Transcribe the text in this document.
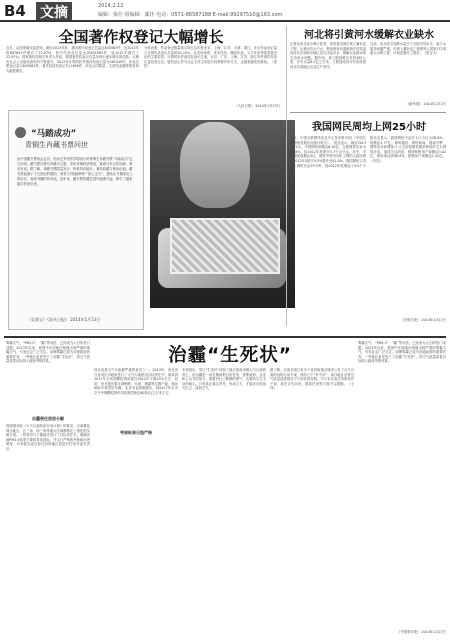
B4 文摘	2014.2.12
编辑：梁仕 组编辑：邮佳 电话：0571-86587188 E-mail:99297510@163.com
全国著作权登记大幅增长
近日，从国家版权局获知，截至2013年底，我国著作权登记总量达845583件，比2012年的687651件增长了22.97%，其中作品登记量达到845583件，较2012年增长了22.97%。国家版权局相关负责人介绍，我国著作权登记总量呈现出逐年增长的趋势，反映出社会公众版权意识的不断提升。2013年计算机软件著作权登记量为164349件，作品自愿登记量为845583件，著作权质权登记共计486件，涉及合同数量、主债务金额等都有较大幅度增长。
分析表明，作品登记数量排名前五位的是北京、上海、江苏、天津、浙江，北京作品登记量占全国作品登记总量的45.22%。从类别来看，美术作品、摄影作品、文字作品等依然是登记的主要类型。计算机软件著作权登记方面，北京、广东、上海、江苏、浙江软件著作权登记量居前五位。版权登记作为社会主体主动进行权利保护的方式，正越来越受到重视。（张贺）
《人民日报》 2014年1月23日
“马踏成功”
青铜生肖藏书票问世
由中国藏书票协会会员、民间艺术家张学明设计的青铜生肖藏书票“马踏成功”近日问世。藏书票以骏马奔腾为主题，采用青铜材质铸造，寓意马年吉祥如意、事业有成。据了解，该藏书票限量发行，每枚均有编号，兼具收藏与使用价值。藏书票起源于十五世纪的德国，被誉为“版画珍珠”“纸上宝石”，是贴在书籍扉页上的标识，表明书籍的所有权。近年来，藏书票收藏在国内逐渐兴起，吸引了越来越多的爱好者。
（吴嘉宝）《汕头日报》 2014年1月13日
河北将引黄河水缓解衣业缺水
记者从河北省水利厅获悉，该省将实施引黄入冀补淀工程，从黄河位山引水，利用现有河道和新开挖渠道向河北东部缺水地区及白洋淀补水，缓解衣业缺水和生态用水问题。据介绍，该工程线路总长约482公里，年引水量6.2亿立方米，工程建成后可有效改善河北东部地区农业生产条件。
目前，河北省平均降水量少于全国平均水平，地下水超采问题严重。引黄入冀补淀工程被列入国家172项重大水利工程，计划近期开工建设。（张宝丰）
《新华网》 2014年1月2日
我国网民周均上网25小时
近日，中国互联网络信息中心发布第33次《中国互联网络发展状况统计报告》。报告显示，截至2013年12月，中国网民规模达6.18亿，互联网普及率为45.8%，较2012年底提升3.7个百分点。其中，手机网民规模达5亿，网民中使用手机上网的人群比例由2012年底的74.5%提升至81.0%。我国网民人均周上网时长达25小时，较2012年底增加了4.5个小时。
报告还显示，我国网民中农村人口占比为28.6%，规模达1.77亿。即时通信、网络新闻、搜索引擎、网络音乐和博客/个人空间是网民最常使用的五大网络应用。值得关注的是，网络购物用户规模达3.02亿，使用率达到48.9%，团购用户规模达1.41亿。（刘宝）
《光明日报》 2014年1月17日
治霾“生死状”
雾霾天气，“PM2.5”、“霾”等词语，已经成为人们的热门话题。2013年以来，我国中东部地区相继出现严重的雾霾天气，引发社会广泛关注。治理雾霾已成为各级政府的重要任务，一些地区更是签下了治霾“生死状”，将空气质量改善目标纳入政府考核体系。
治霾责任层层分解
按照国务院《大气污染防治行动计划》的要求，京津冀及周边地区、长三角、珠三角等重点区域都制定了细化的实施方案。一些省份与下辖地市签订了目标责任书，明确各地PM2.5浓度下降的具体指标，并实行严格的考核和问责制度，对未能完成目标任务的地区将进行约谈并追究责任。
河北省是大气污染最严重的省份之一。2013年，河北省与各设区市政府签订了大气污染防治目标责任书，要求到2017年全省细颗粒物浓度比2012年下降25%左右。同时，河北提出要压减钢铁、水泥、燃煤等过剩产能，淘汰黄标车和老旧车辆。北京市也明确提出，到2017年全市空气中细颗粒物年均浓度控制在60微克/立方米左右。
考核标准日趋严格
专家指出，签订“生死状”体现了地方政府治理大气污染的决心，但治霾是一项长期而艰巨的任务，需要政府、企业和公众共同努力，既要有壮士断腕的勇气，也要有久久为功的耐心。只有真正落实责任，形成合力，才能还百姓蓝天白云、清新空气。
据了解，目前全国已有多个省份和重点城市公布了大气污染防治的行动方案，纷纷立下“军令状”。部分地区还将空气质量改善情况与干部任用挂钩，对于未完成任务的领导干部，将在评先评优、提拔任用等方面予以限制。（王玮）
雾霾天气，“PM2.5”、“霾”等词语，已经成为人们的热门话题。2013年以来，我国中东部地区相继出现严重的雾霾天气，引发社会广泛关注。治理雾霾已成为各级政府的重要任务，一些地区更是签下了治霾“生死状”，将空气质量改善目标纳入政府考核体系。
《中国青年报》 2014年1月27日
